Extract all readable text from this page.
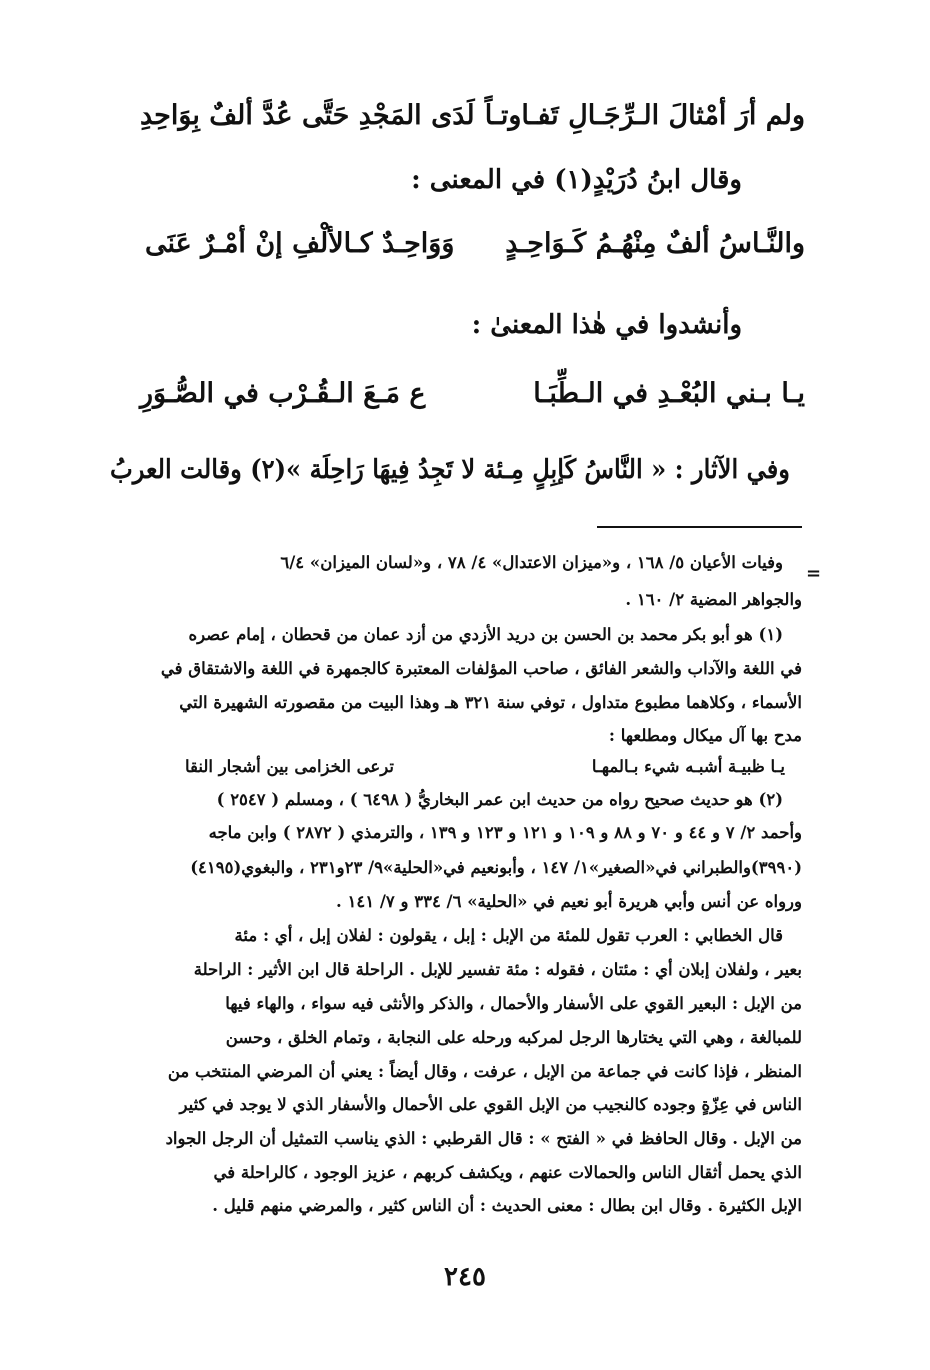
ولم أرَ أمْثالَ الـرِّجَـالِ تَفـاوتـاً
لَدَى المَجْدِ حَتَّى عُدَّ ألفٌ بِوَاحِدِ
وقال ابنُ دُرَيْدٍ(١) في المعنى :
والنَّـاسُ ألفٌ مِنْهُـمُ كَـوَاحِـدٍ
وَوَاحِـدٌ كـالألْفِ إنْ أمْـرٌ عَنَى
وأنشدوا في هٰذا المعنىٰ :
يـا بـني البُعْـدِ في الـطِّبَـا
ع مَـعَ الـقُـرْب في الصُّـوَرِ
وفي الآثار : « النَّاسُ كَإبِلٍ مِـئة لا تَجِدُ فِيهَا رَاحِلَة »(٢) وقالت العربُ
=
وفيات الأعيان ٥/ ١٦٨ ، و«ميزان الاعتدال» ٤/ ٧٨ ، و«لسان الميزان» ٦/٤
والجواهر المضية ٢/ ١٦٠ .
(١) هو أبو بكر محمد بن الحسن بن دريد الأزدي من أزد عمان من قحطان ، إمام عصره
في اللغة والآداب والشعر الفائق ، صاحب المؤلفات المعتبرة كالجمهرة في اللغة والاشتقاق في
الأسماء ، وكلاهما مطبوع متداول ، توفي سنة ٣٢١ هـ وهذا البيت من مقصورته الشهيرة التي
مدح بها آل ميكال ومطلعها :
يـا ظبيـة أشبـه شيء بـالمهـا
ترعى الخزامى بين أشجار النقا
(٢) هو حديث صحيح رواه من حديث ابن عمر البخاريُّ ( ٦٤٩٨ ) ، ومسلم ( ٢٥٤٧ )
وأحمد ٢/ ٧ و ٤٤ و ٧٠ و ٨٨ و ١٠٩ و ١٢١ و ١٢٣ و ١٣٩ ، والترمذي ( ٢٨٧٢ ) وابن ماجه
(٣٩٩٠)والطبراني في«الصغير»١/ ١٤٧ ، وأبونعيم في«الحلية»٩/ ٢٣و٢٣١ ، والبغوي(٤١٩٥)
ورواه عن أنس وأبي هريرة أبو نعيم في «الحلية» ٦/ ٣٣٤ و ٧/ ١٤١ .
قال الخطابي : العرب تقول للمئة من الإبل : إبل ، يقولون : لفلان إبل ، أي : مئة
بعير ، ولفلان إبلان أي : مئتان ، فقوله : مئة تفسير للإبل . الراحلة قال ابن الأثير : الراحلة
من الإبل : البعير القوي على الأسفار والأحمال ، والذكر والأنثى فيه سواء ، والهاء فيها
للمبالغة ، وهي التي يختارها الرجل لمركبه ورحله على النجابة ، وتمام الخلق ، وحسن
المنظر ، فإذا كانت في جماعة من الإبل ، عرفت ، وقال أيضاً : يعني أن المرضي المنتخب من
الناس في عِزّةٍ وجوده كالنجيب من الإبل القوي على الأحمال والأسفار الذي لا يوجد في كثير
من الإبل . وقال الحافظ في « الفتح » : قال القرطبي : الذي يناسب التمثيل أن الرجل الجواد
الذي يحمل أثقال الناس والحمالات عنهم ، ويكشف كربهم ، عزيز الوجود ، كالراحلة في
الإبل الكثيرة . وقال ابن بطال : معنى الحديث : أن الناس كثير ، والمرضي منهم قليل .
٢٤٥
